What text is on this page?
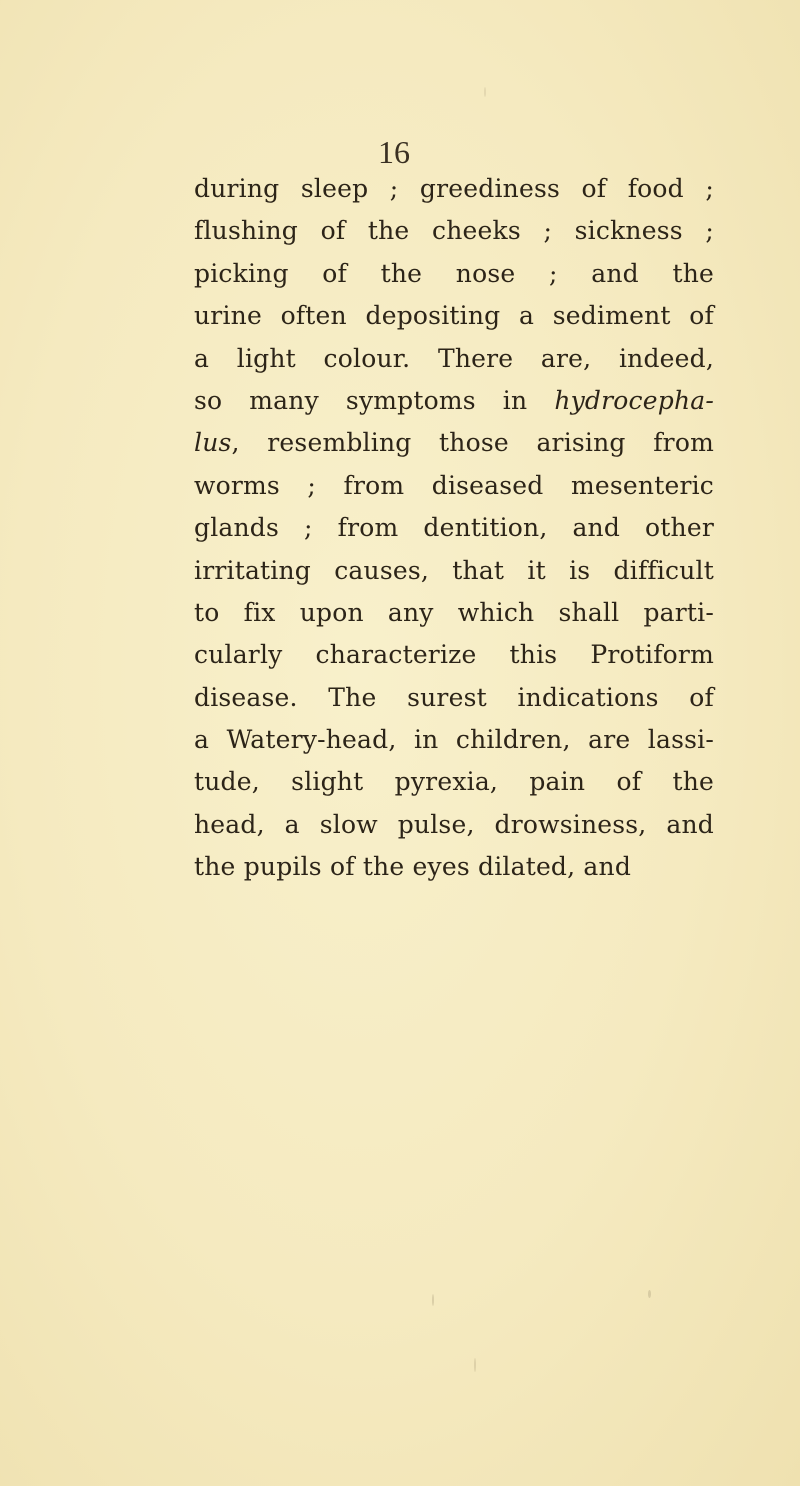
16
during sleep ; greediness of food ;
flushing of the cheeks ; sickness ;
picking of the nose ; and the
urine often depositing a sediment of
a light colour. There are, indeed,
so many symptoms in hydrocepha-
lus, resembling those arising from
worms ; from diseased mesenteric
glands ; from dentition, and other
irritating causes, that it is difficult
to fix upon any which shall parti-
cularly characterize this Protiform
disease. The surest indications of
a Watery-head, in children, are lassi-
tude, slight pyrexia, pain of the
head, a slow pulse, drowsiness, and
the pupils of the eyes dilated, and
